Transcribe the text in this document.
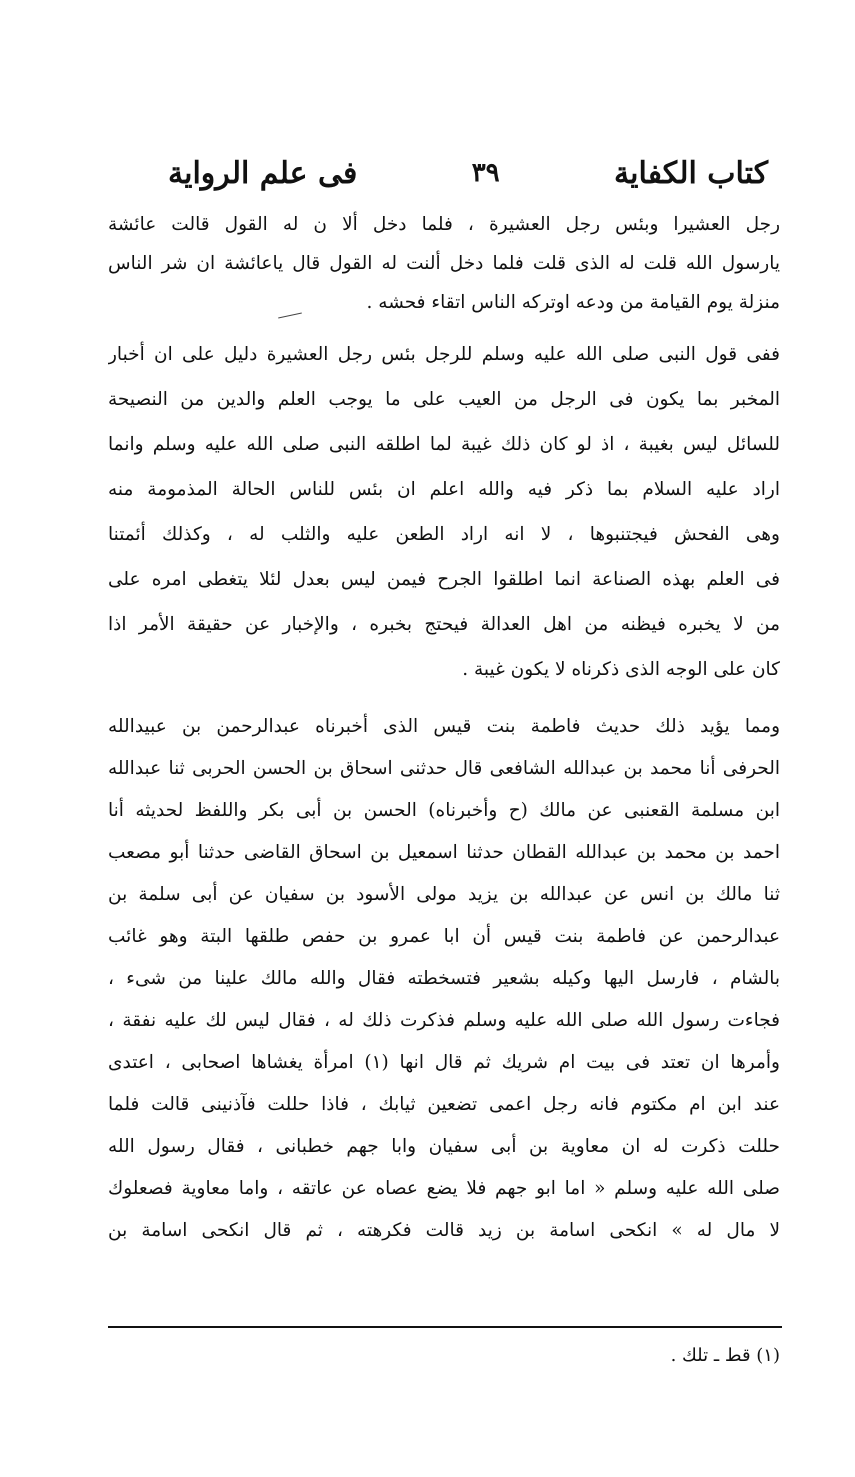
كتاب الكفاية
٣٩
فى علم الرواية
رجل العشيرا وبئس رجل العشيرة ، فلما دخل ألا ن له القول قالت عائشة
يارسول الله قلت له الذى قلت فلما دخل ألنت له القول قال ياعائشة ان شر الناس
منزلة يوم القيامة من ودعه اوتركه الناس اتقاء فحشه .
ففى قول النبى صلى الله عليه وسلم للرجل بئس رجل العشيرة دليل على ان أخبار
المخبر بما يكون فى الرجل من العيب على ما يوجب العلم والدين من النصيحة
للسائل ليس بغيبة ، اذ لو كان ذلك غيبة لما اطلقه النبى صلى الله عليه وسلم وانما
اراد عليه السلام بما ذكر فيه والله اعلم ان بئس للناس الحالة المذمومة منه
وهى الفحش فيجتنبوها ، لا انه اراد الطعن عليه والثلب له ، وكذلك أئمتنا
فى العلم بهذه الصناعة انما اطلقوا الجرح فيمن ليس بعدل لئلا يتغطى امره على
من لا يخبره فيظنه من اهل العدالة فيحتج بخبره ، والإخبار عن حقيقة الأمر اذا
كان على الوجه الذى ذكرناه لا يكون غيبة .
ومما يؤيد ذلك حديث فاطمة بنت قيس الذى أخبرناه عبدالرحمن بن عبيدالله
الحرفى أنا محمد بن عبدالله الشافعى قال حدثنى اسحاق بن الحسن الحربى ثنا عبدالله
ابن مسلمة القعنبى عن مالك (ح وأخبرناه) الحسن بن أبى بكر واللفظ لحديثه أنا
احمد بن محمد بن عبدالله القطان حدثنا اسمعيل بن اسحاق القاضى حدثنا أبو مصعب
ثنا مالك بن انس عن عبدالله بن يزيد مولى الأسود بن سفيان عن أبى سلمة بن
عبدالرحمن عن فاطمة بنت قيس أن ابا عمرو بن حفص طلقها البتة وهو غائب
بالشام ، فارسل اليها وكيله بشعير فتسخطته فقال والله مالك علينا من شىء ،
فجاءت رسول الله صلى الله عليه وسلم فذكرت ذلك له ، فقال ليس لك عليه نفقة ،
وأمرها ان تعتد فى بيت ام شريك ثم قال انها (١) امرأة يغشاها اصحابى ، اعتدى
عند ابن ام مكتوم فانه رجل اعمى تضعين ثيابك ، فاذا حللت فآذنينى قالت فلما
حللت ذكرت له ان معاوية بن أبى سفيان وابا جهم خطبانى ، فقال رسول الله
صلى الله عليه وسلم « اما ابو جهم فلا يضع عصاه عن عاتقه ، واما معاوية فصعلوك
لا مال له » انكحى اسامة بن زيد قالت فكرهته ، ثم قال انكحى اسامة بن
(١) قط ـ تلك .
